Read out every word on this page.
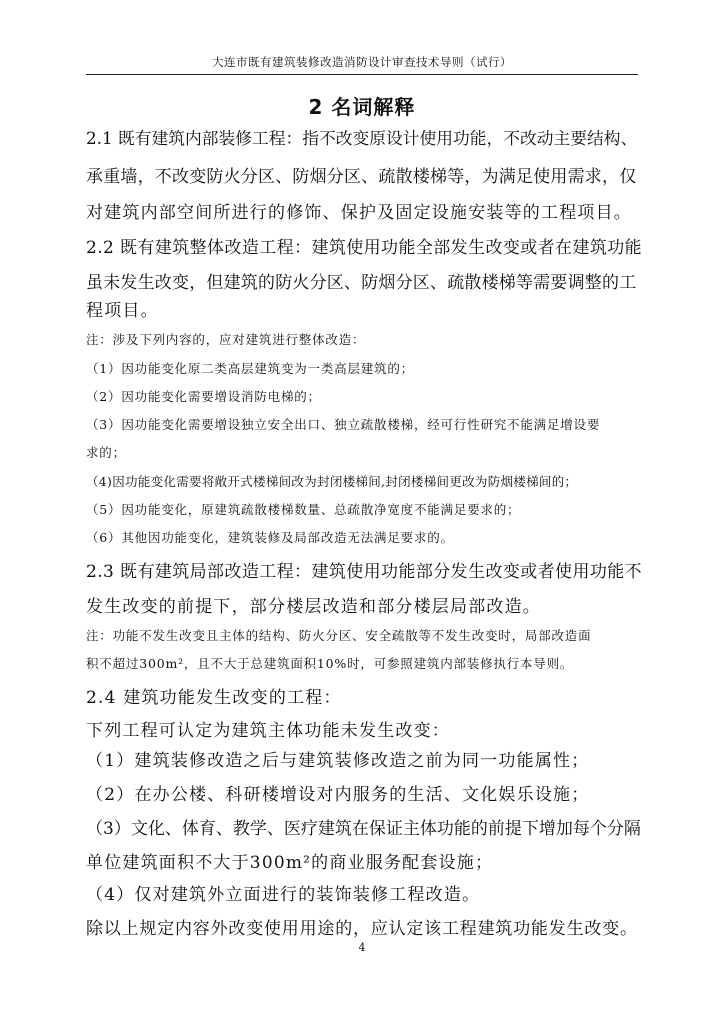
大连市既有建筑装修改造消防设计审查技术导则（试行）
2 名词解释
2.1 既有建筑内部装修工程：指不改变原设计使用功能，不改动主要结构、
承重墙，不改变防火分区、防烟分区、疏散楼梯等，为满足使用需求，仅
对建筑内部空间所进行的修饰、保护及固定设施安装等的工程项目。
2.2 既有建筑整体改造工程：建筑使用功能全部发生改变或者在建筑功能
虽未发生改变，但建筑的防火分区、防烟分区、疏散楼梯等需要调整的工
程项目。
注：涉及下列内容的，应对建筑进行整体改造：
（1）因功能变化原二类高层建筑变为一类高层建筑的；
（2）因功能变化需要增设消防电梯的；
（3）因功能变化需要增设独立安全出口、独立疏散楼梯，经可行性研究不能满足增设要
求的；
（4)因功能变化需要将敞开式楼梯间改为封闭楼梯间,封闭楼梯间更改为防烟楼梯间的；
（5）因功能变化，原建筑疏散楼梯数量、总疏散净宽度不能满足要求的；
（6）其他因功能变化，建筑装修及局部改造无法满足要求的。
2.3 既有建筑局部改造工程：建筑使用功能部分发生改变或者使用功能不
发生改变的前提下，部分楼层改造和部分楼层局部改造。
注：功能不发生改变且主体的结构、防火分区、安全疏散等不发生改变时，局部改造面
积不超过300m²，且不大于总建筑面积10%时，可参照建筑内部装修执行本导则。
2.4 建筑功能发生改变的工程：
下列工程可认定为建筑主体功能未发生改变：
（1）建筑装修改造之后与建筑装修改造之前为同一功能属性；
（2）在办公楼、科研楼增设对内服务的生活、文化娱乐设施；
（3）文化、体育、教学、医疗建筑在保证主体功能的前提下增加每个分隔
单位建筑面积不大于300m²的商业服务配套设施；
（4）仅对建筑外立面进行的装饰装修工程改造。
除以上规定内容外改变使用用途的，应认定该工程建筑功能发生改变。
4
